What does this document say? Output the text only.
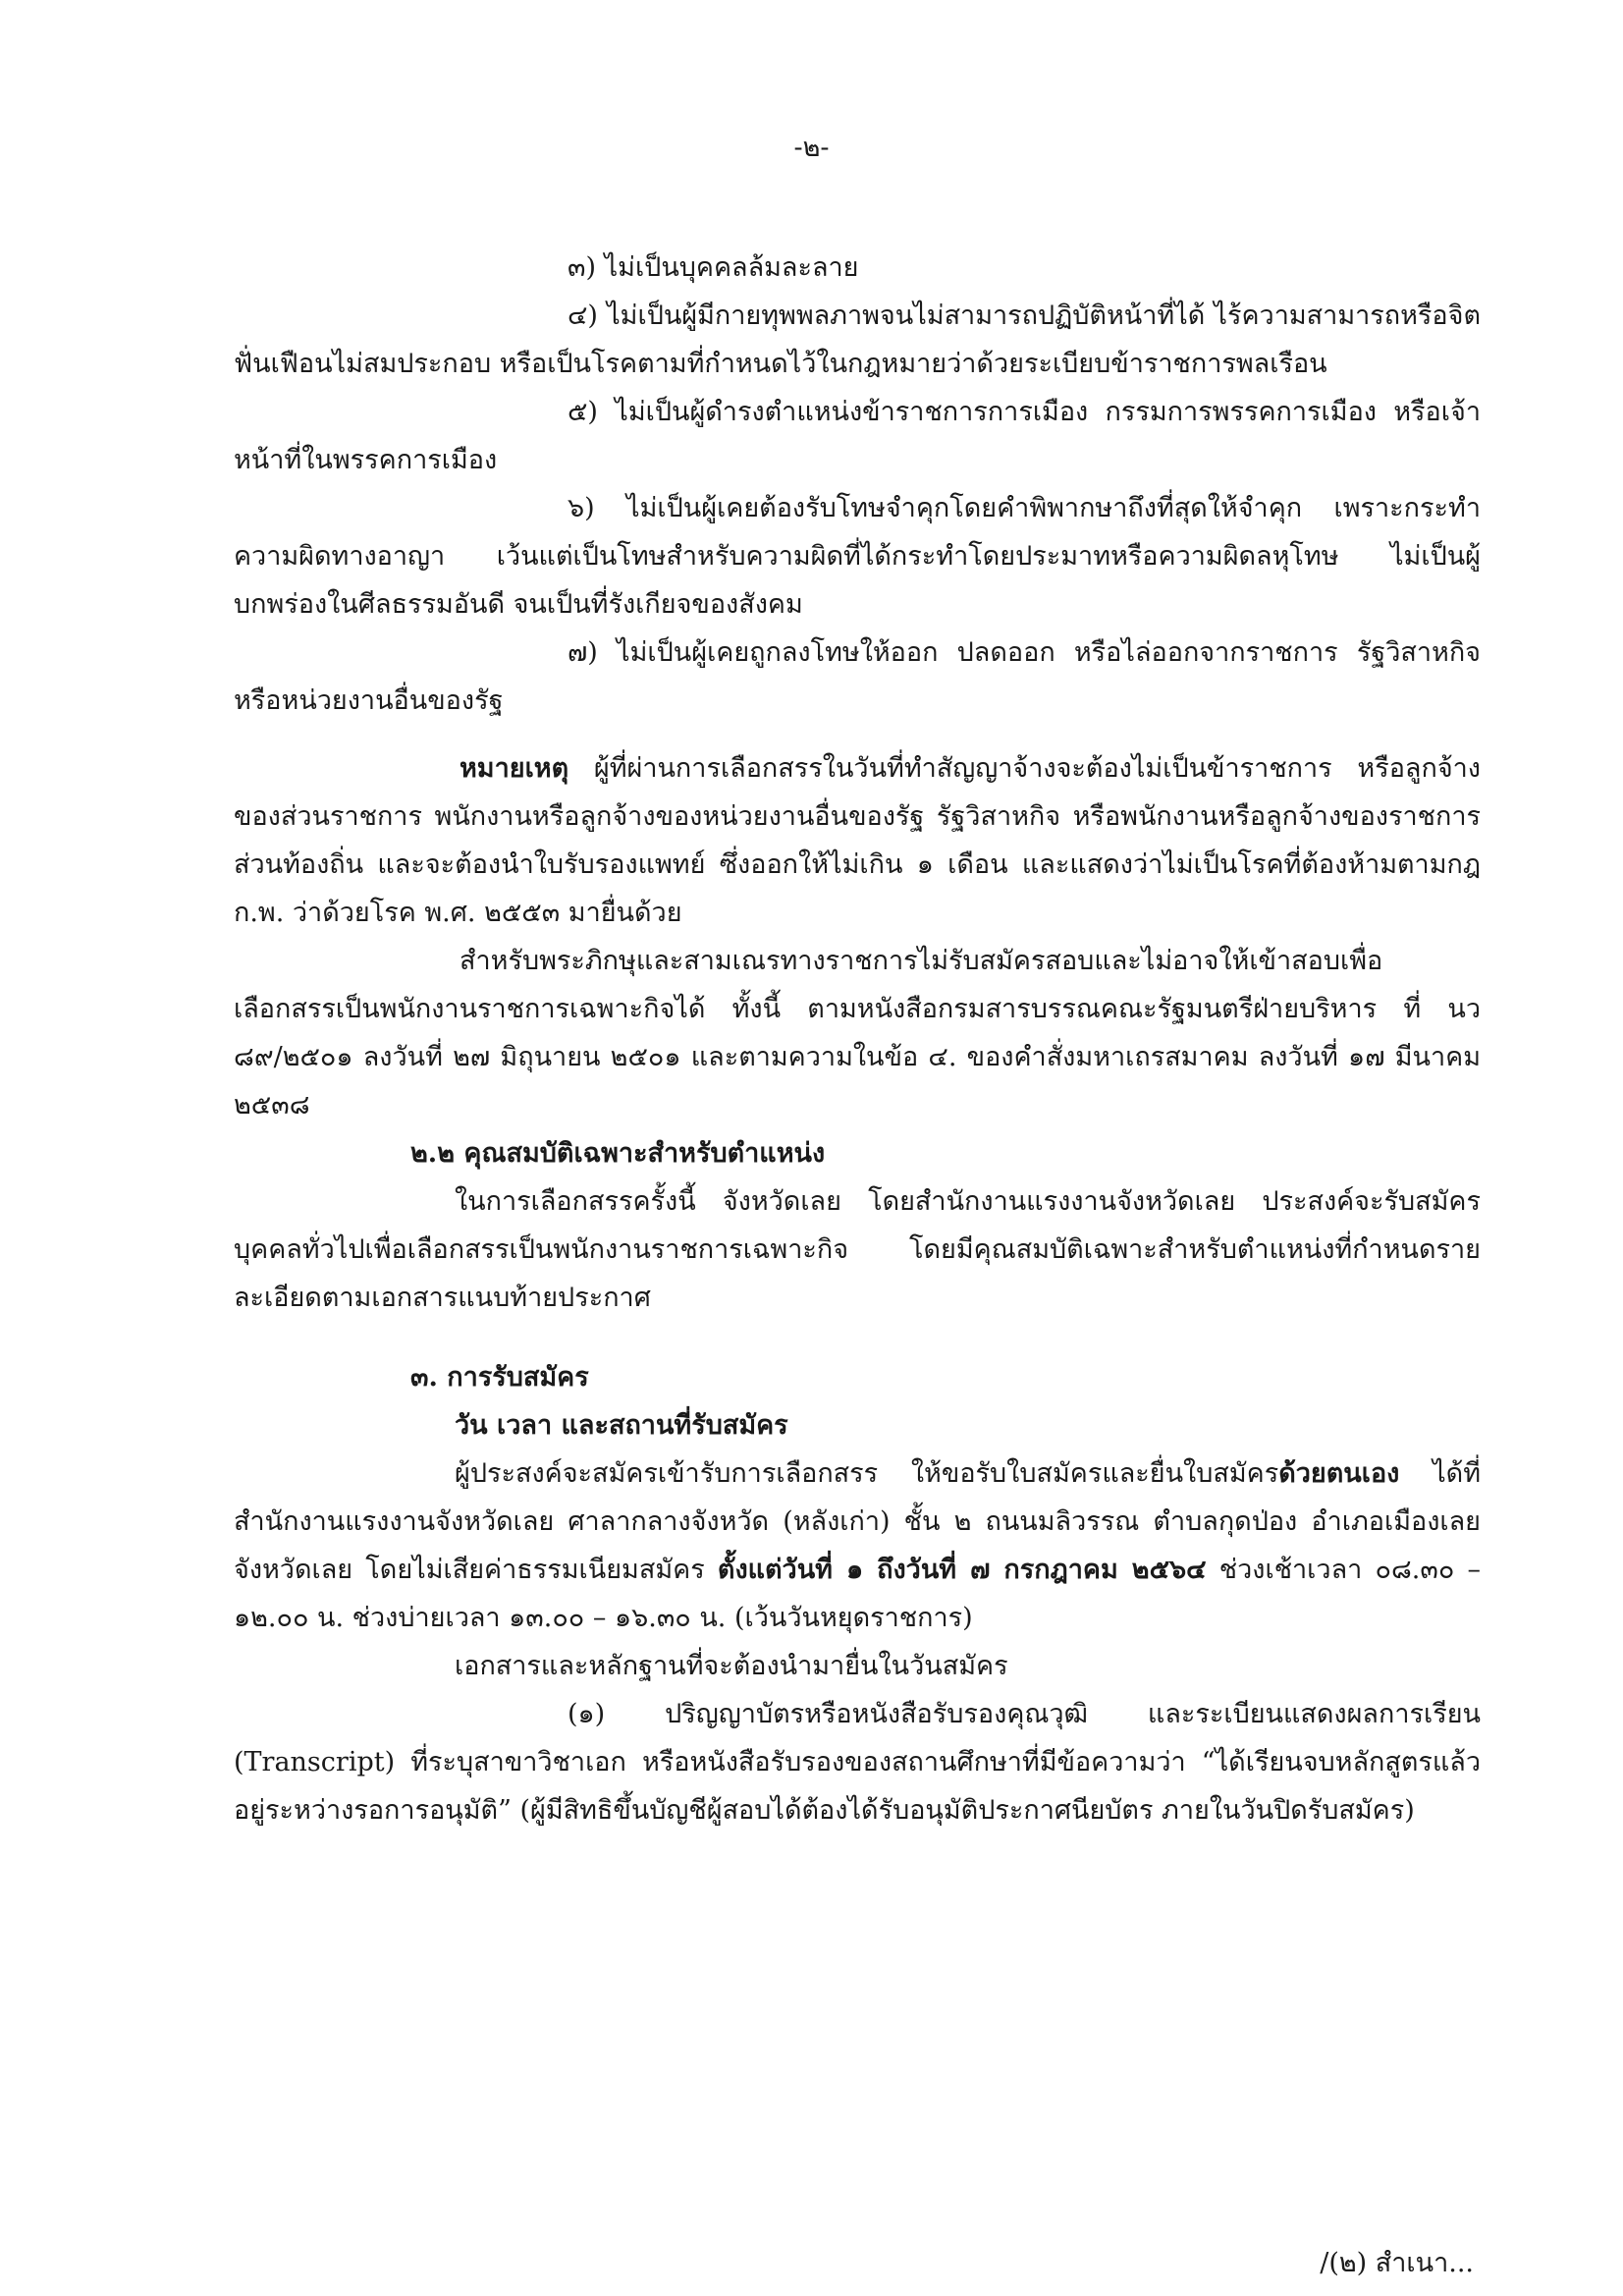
-๒-

๓) ไม่เป็นบุคคลล้มละลาย

๔) ไม่เป็นผู้มีกายทุพพลภาพจนไม่สามารถปฏิบัติหน้าที่ได้ ไร้ความสามารถหรือจิตฟั่นเฟือนไม่สมประกอบ หรือเป็นโรคตามที่กำหนดไว้ในกฎหมายว่าด้วยระเบียบข้าราชการพลเรือน

๕) ไม่เป็นผู้ดำรงตำแหน่งข้าราชการการเมือง กรรมการพรรคการเมือง หรือเจ้าหน้าที่ในพรรคการเมือง

๖) ไม่เป็นผู้เคยต้องรับโทษจำคุกโดยคำพิพากษาถึงที่สุดให้จำคุก เพราะกระทำความผิดทางอาญา เว้นแต่เป็นโทษสำหรับความผิดที่ได้กระทำโดยประมาทหรือความผิดลหุโทษ ไม่เป็นผู้บกพร่องในศีลธรรมอันดี จนเป็นที่รังเกียจของสังคม

๗) ไม่เป็นผู้เคยถูกลงโทษให้ออก ปลดออก หรือไล่ออกจากราชการ รัฐวิสาหกิจ หรือหน่วยงานอื่นของรัฐ

หมายเหตุ ผู้ที่ผ่านการเลือกสรรในวันที่ทำสัญญาจ้างจะต้องไม่เป็นข้าราชการ หรือลูกจ้างของส่วนราชการ พนักงานหรือลูกจ้างของหน่วยงานอื่นของรัฐ รัฐวิสาหกิจ หรือพนักงานหรือลูกจ้างของราชการส่วนท้องถิ่น และจะต้องนำใบรับรองแพทย์ ซึ่งออกให้ไม่เกิน ๑ เดือน และแสดงว่าไม่เป็นโรคที่ต้องห้ามตามกฎ ก.พ. ว่าด้วยโรค พ.ศ. ๒๕๕๓ มายื่นด้วย

สำหรับพระภิกษุและสามเณรทางราชการไม่รับสมัครสอบและไม่อาจให้เข้าสอบเพื่อเลือกสรรเป็นพนักงานราชการเฉพาะกิจได้ ทั้งนี้ ตามหนังสือกรมสารบรรณคณะรัฐมนตรีฝ่ายบริหาร ที่ นว ๘๙/๒๕๐๑ ลงวันที่ ๒๗ มิถุนายน ๒๕๐๑ และตามความในข้อ ๔. ของคำสั่งมหาเถรสมาคม ลงวันที่ ๑๗ มีนาคม ๒๕๓๘

๒.๒ คุณสมบัติเฉพาะสำหรับตำแหน่ง

ในการเลือกสรรครั้งนี้ จังหวัดเลย โดยสำนักงานแรงงานจังหวัดเลย ประสงค์จะรับสมัครบุคคลทั่วไปเพื่อเลือกสรรเป็นพนักงานราชการเฉพาะกิจ โดยมีคุณสมบัติเฉพาะสำหรับตำแหน่งที่กำหนดรายละเอียดตามเอกสารแนบท้ายประกาศ

๓. การรับสมัคร

วัน เวลา และสถานที่รับสมัคร

ผู้ประสงค์จะสมัครเข้ารับการเลือกสรร ให้ขอรับใบสมัครและยื่นใบสมัครด้วยตนเอง ได้ที่สำนักงานแรงงานจังหวัดเลย ศาลากลางจังหวัด (หลังเก่า) ชั้น ๒ ถนนมลิวรรณ ตำบลกุดป่อง อำเภอเมืองเลย จังหวัดเลย โดยไม่เสียค่าธรรมเนียมสมัคร ตั้งแต่วันที่ ๑ ถึงวันที่ ๗ กรกฎาคม ๒๕๖๔ ช่วงเช้าเวลา ๐๘.๓๐ – ๑๒.๐๐ น. ช่วงบ่ายเวลา ๑๓.๐๐ – ๑๖.๓๐ น. (เว้นวันหยุดราชการ)

เอกสารและหลักฐานที่จะต้องนำมายื่นในวันสมัคร

(๑) ปริญญาบัตรหรือหนังสือรับรองคุณวุฒิ และระเบียนแสดงผลการเรียน (Transcript) ที่ระบุสาขาวิชาเอก หรือหนังสือรับรองของสถานศึกษาที่มีข้อความว่า “ได้เรียนจบหลักสูตรแล้วอยู่ระหว่างรอการอนุมัติ” (ผู้มีสิทธิขึ้นบัญชีผู้สอบได้ต้องได้รับอนุมัติประกาศนียบัตร ภายในวันปิดรับสมัคร)

/(๒) สำเนา...
